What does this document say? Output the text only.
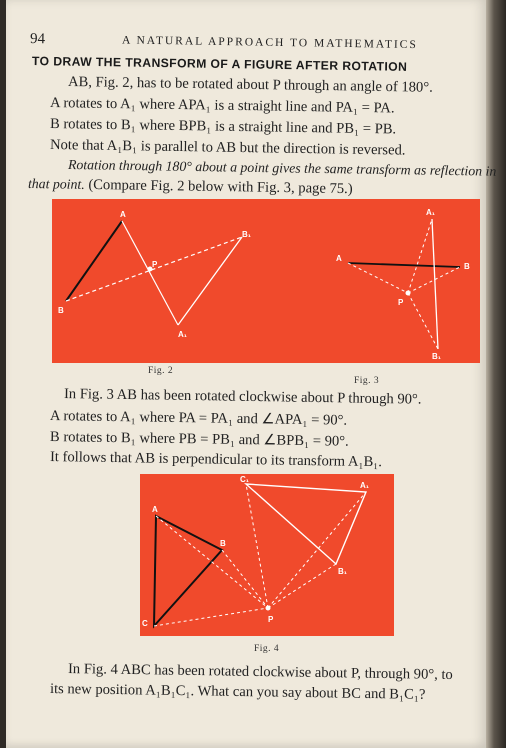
94	A NATURAL APPROACH TO MATHEMATICS
TO DRAW THE TRANSFORM OF A FIGURE AFTER ROTATION
AB, Fig. 2, has to be rotated about P through an angle of 180°.
A rotates to A₁ where APA₁ is a straight line and PA₁ = PA.
B rotates to B₁ where BPB₁ is a straight line and PB₁ = PB.
Note that A₁B₁ is parallel to AB but the direction is reversed.
Rotation through 180° about a point gives the same transform as reflection in
that point. (Compare Fig. 2 below with Fig. 3, page 75.)
A
B
P
A₁
B₁
A
B
P
A₁
B₁
Fig. 2
Fig. 3
In Fig. 3 AB has been rotated clockwise about P through 90°.
A rotates to A₁ where PA = PA₁ and ∠APA₁ = 90°.
B rotates to B₁ where PB = PB₁ and ∠BPB₁ = 90°.
It follows that AB is perpendicular to its transform A₁B₁.
A
B
C	P
A₁
B₁
C₁
Fig. 4
In Fig. 4 ABC has been rotated clockwise about P, through 90°, to
its new position A₁B₁C₁. What can you say about BC and B₁C₁?
